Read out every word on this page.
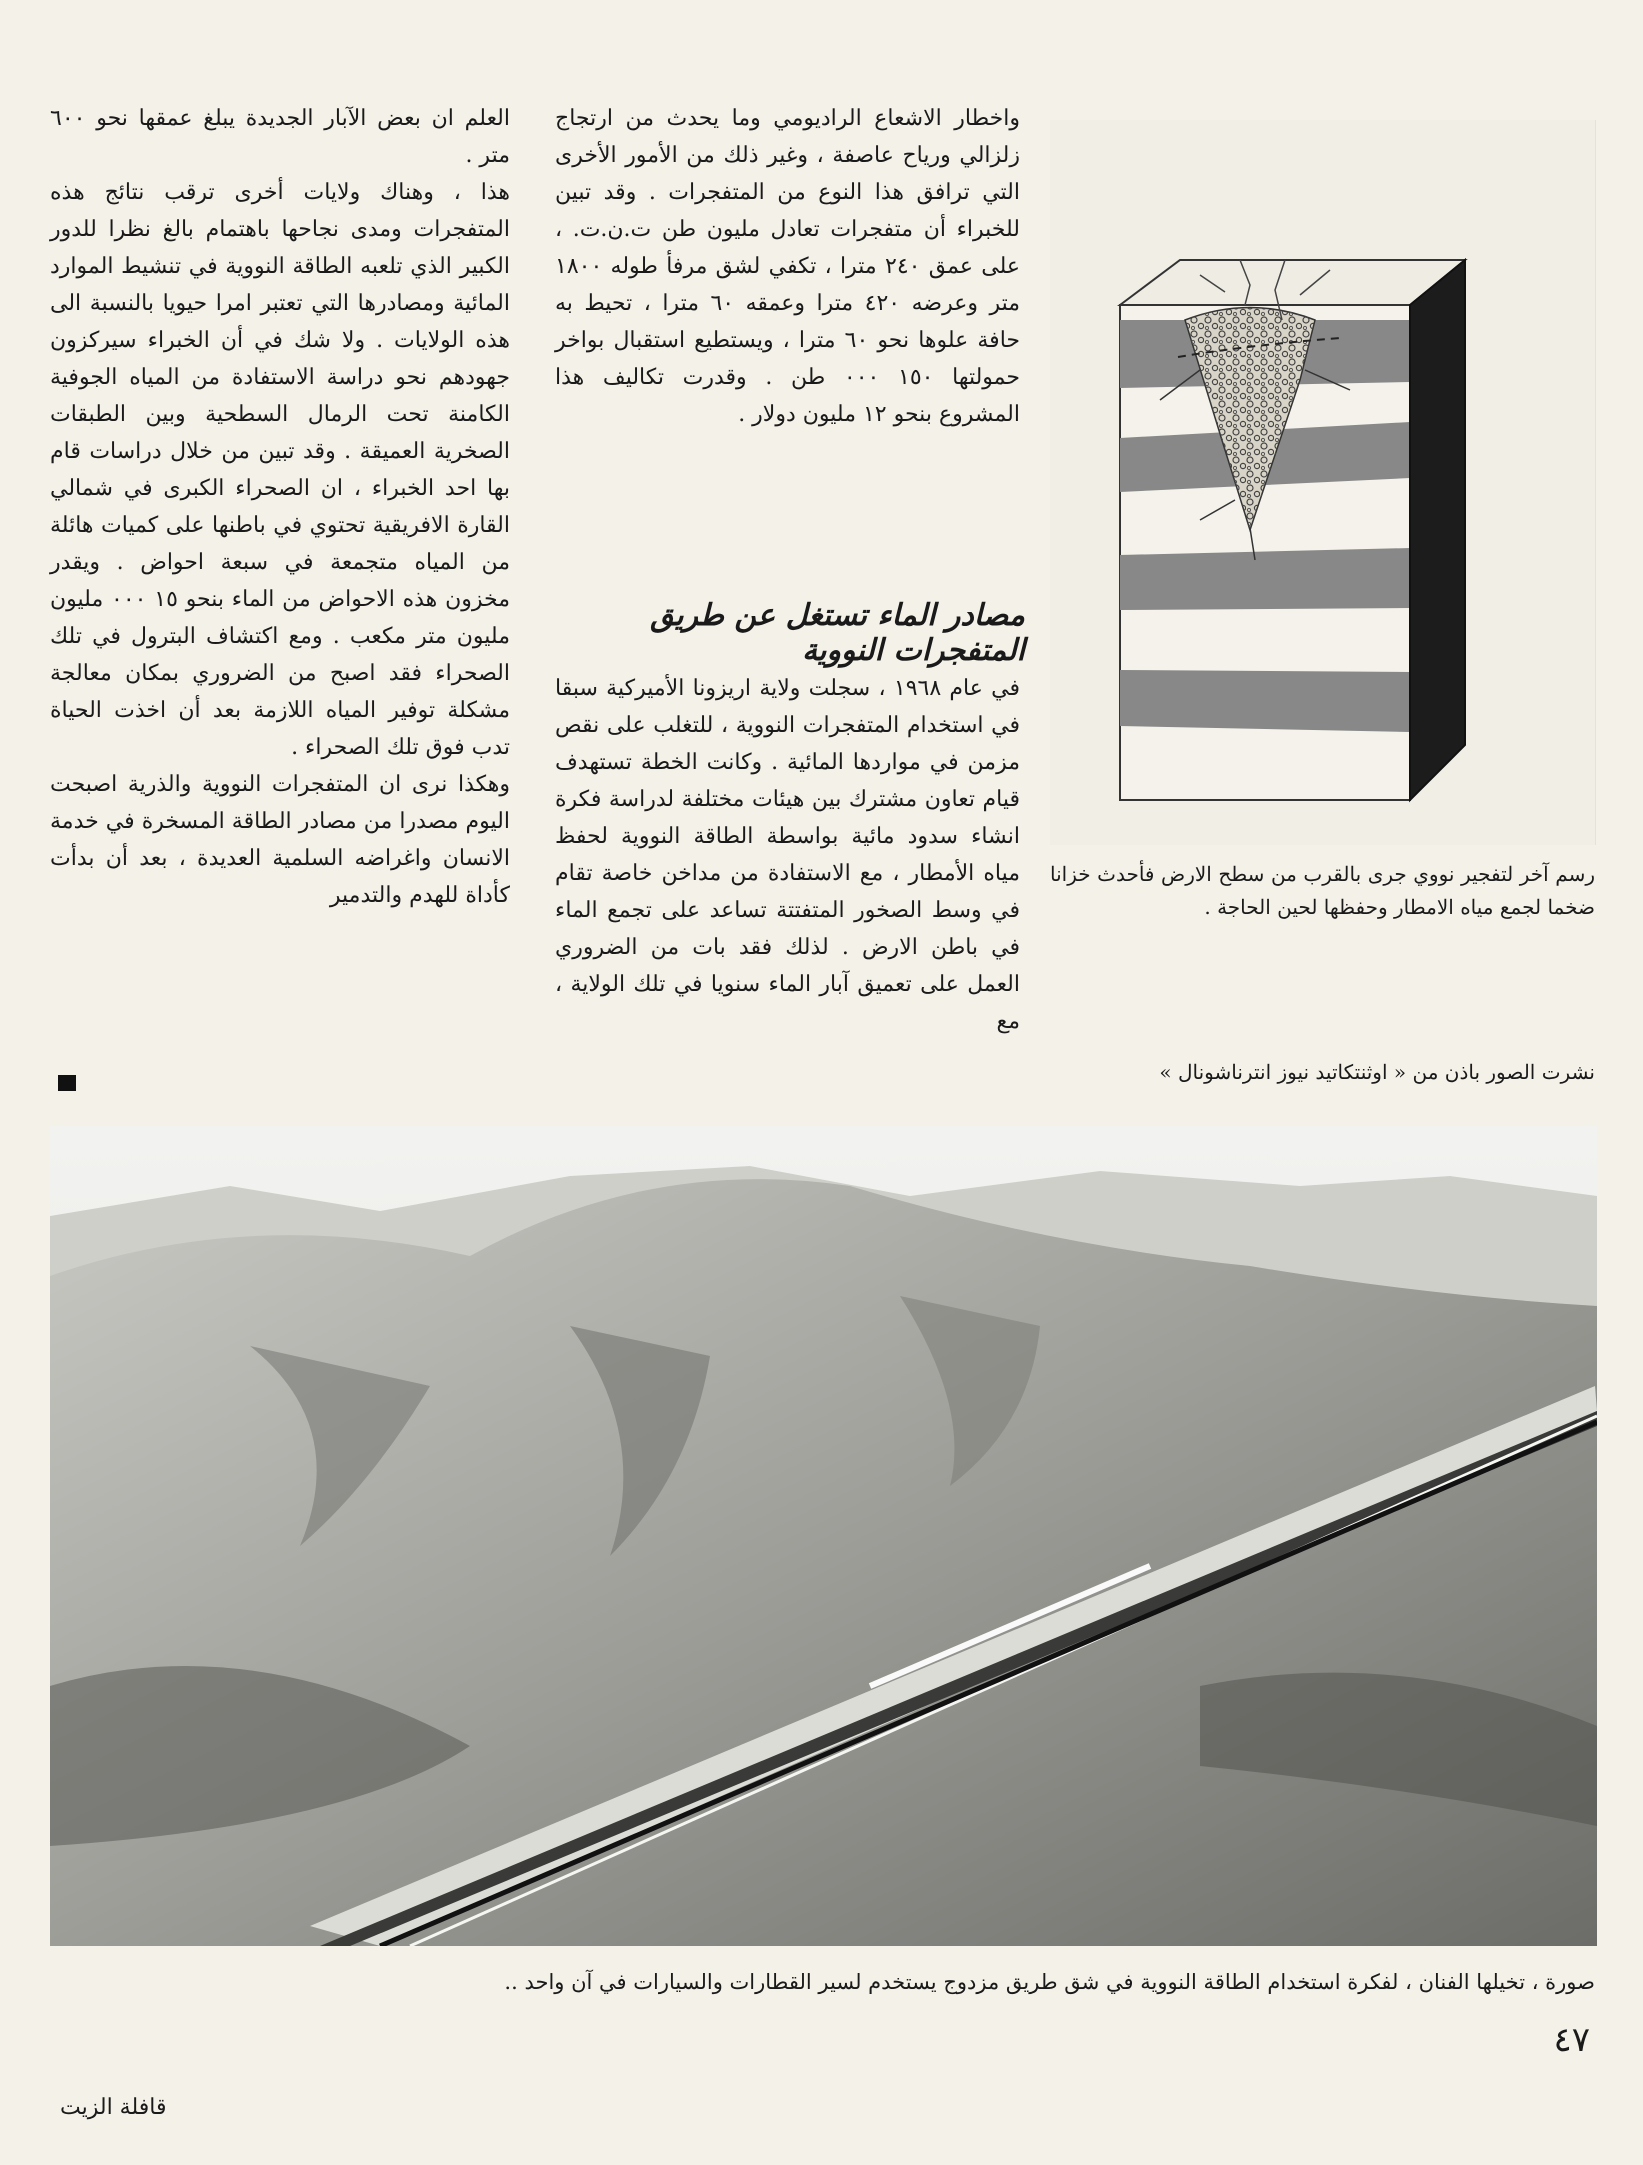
العلم ان بعض الآبار الجديدة يبلغ عمقها نحو ٦٠٠ متر .

هذا ، وهناك ولايات أخرى ترقب نتائج هذه المتفجرات ومدى نجاحها باهتمام بالغ نظرا للدور الكبير الذي تلعبه الطاقة النووية في تنشيط الموارد المائية ومصادرها التي تعتبر امرا حيويا بالنسبة الى هذه الولايات . ولا شك في أن الخبراء سيركزون جهودهم نحو دراسة الاستفادة من المياه الجوفية الكامنة تحت الرمال السطحية وبين الطبقات الصخرية العميقة . وقد تبين من خلال دراسات قام بها احد الخبراء ، ان الصحراء الكبرى في شمالي القارة الافريقية تحتوي في باطنها على كميات هائلة من المياه متجمعة في سبعة احواض . ويقدر مخزون هذه الاحواض من الماء بنحو ١٥ ٠٠٠ مليون مليون متر مكعب . ومع اكتشاف البترول في تلك الصحراء فقد اصبح من الضروري بمكان معالجة مشكلة توفير المياه اللازمة بعد أن اخذت الحياة تدب فوق تلك الصحراء .

وهكذا نرى ان المتفجرات النووية والذرية اصبحت اليوم مصدرا من مصادر الطاقة المسخرة في خدمة الانسان واغراضه السلمية العديدة ، بعد أن بدأت كأداة للهدم والتدمير

واخطار الاشعاع الراديومي وما يحدث من ارتجاج زلزالي ورياح عاصفة ، وغير ذلك من الأمور الأخرى التي ترافق هذا النوع من المتفجرات . وقد تبين للخبراء أن متفجرات تعادل مليون طن ت.ن.ت. ، على عمق ٢٤٠ مترا ، تكفي لشق مرفأ طوله ١٨٠٠ متر وعرضه ٤٢٠ مترا وعمقه ٦٠ مترا ، تحيط به حافة علوها نحو ٦٠ مترا ، ويستطيع استقبال بواخر حمولتها ١٥٠ ٠٠٠ طن . وقدرت تكاليف هذا المشروع بنحو ١٢ مليون دولار .

مصادر الماء تستغل عن طريق المتفجرات النووية

في عام ١٩٦٨ ، سجلت ولاية اريزونا الأميركية سبقا في استخدام المتفجرات النووية ، للتغلب على نقص مزمن في مواردها المائية . وكانت الخطة تستهدف قيام تعاون مشترك بين هيئات مختلفة لدراسة فكرة انشاء سدود مائية بواسطة الطاقة النووية لحفظ مياه الأمطار ، مع الاستفادة من مداخن خاصة تقام في وسط الصخور المتفتتة تساعد على تجمع الماء في باطن الارض . لذلك فقد بات من الضروري العمل على تعميق آبار الماء سنويا في تلك الولاية ، مع

رسم آخر لتفجير نووي جرى بالقرب من سطح الارض فأحدث خزانا ضخما لجمع مياه الامطار وحفظها لحين الحاجة .
نشرت الصور باذن من « اوثنتكاتيد نيوز انترناشونال »
صورة ، تخيلها الفنان ، لفكرة استخدام الطاقة النووية في شق طريق مزدوج يستخدم لسير القطارات والسيارات في آن واحد ..
٤٧
قافلة الزيت
